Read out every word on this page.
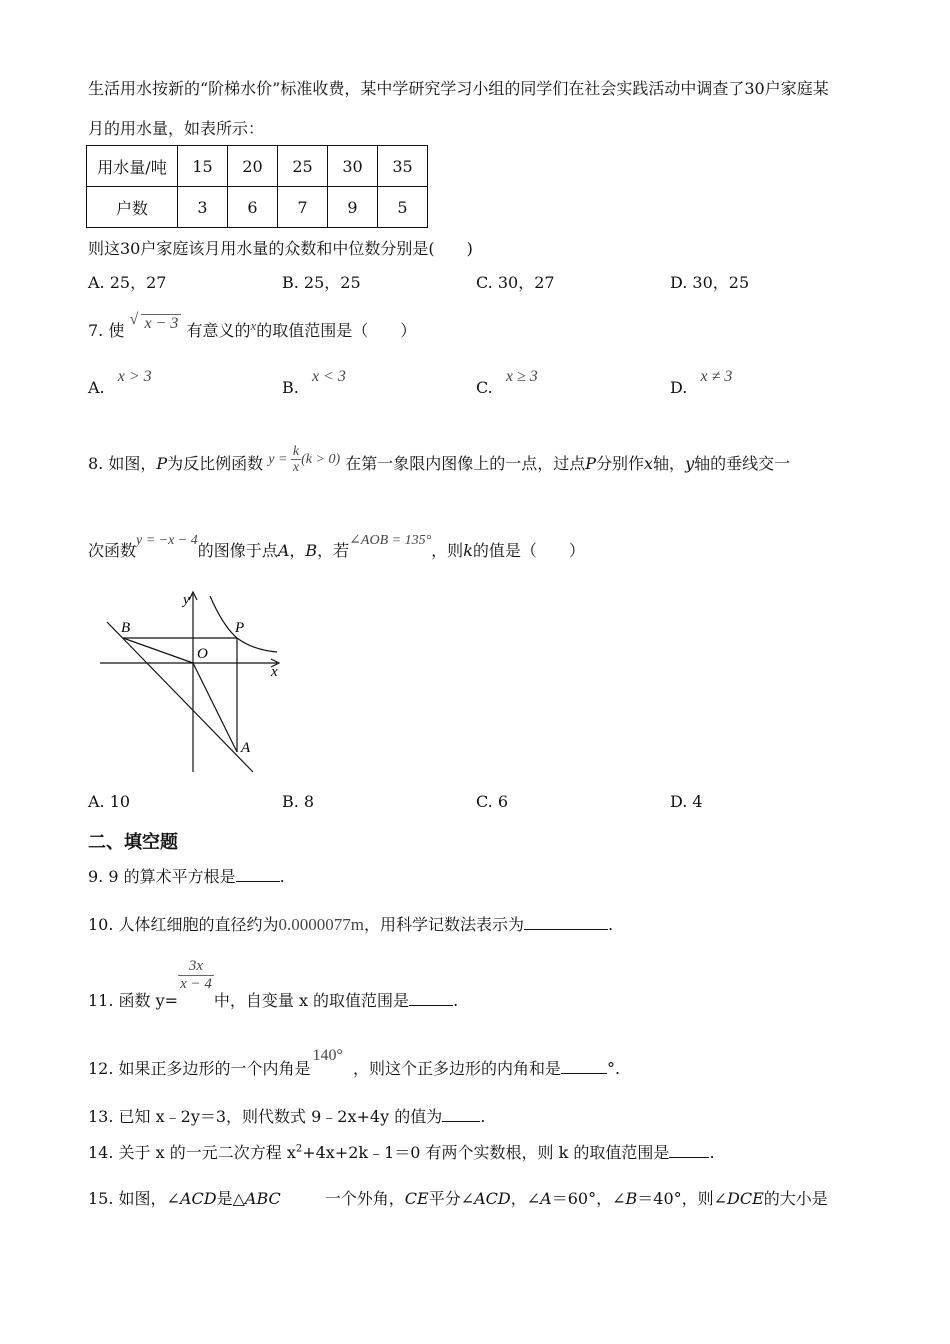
生活用水按新的“阶梯水价”标准收费，某中学研究学习小组的同学们在社会实践活动中调查了30户家庭某
月的用水量，如表所示：
用水量/吨	15	20	25	30	35
户数	3	6	7	9	5
则这30户家庭该月用水量的众数和中位数分别是(　　)
A. 25，27	B. 25，25	C. 30，27	D. 30，25
7. 使
√ x − 3 有意义的$^x$的取值范围是（　　）
A. x > 3
B. x < 3
C. x ≥ 3
D. x ≠ 3
8. 如图，P为反比例函数 $y = \frac{k}{x} (k > 0)$ 在第一象限内图像上的一点，过点P分别作x轴，y轴的垂线交一
次函数y = −x − 4的图像于点A，B，若∠AOB = 135°，则k的值是（　　）
y
x
B	P
O
A
A. 10	B. 8	C. 6	D. 4
二、填空题
9. 9 的算术平方根是	.
10. 人体红细胞的直径约为0.0000077m，用科学记数法表示为	.
11. 函数 y=
$\frac{3x}{x - 4}$
中，自变量 x 的取值范围是	.
12. 如果正多边形的一个内角是140°，则这个正多边形的内角和是	°.
13. 已知 x﹣2y＝3，则代数式 9﹣2x+4y 的值为 .
14. 关于 x 的一元二次方程 $x^2+4x+2k﹣1=0$ 有两个实数根，则 k 的取值范围是	.
15. 如图，∠ACD是△ABC	一个外角，CE平分∠ACD，∠A＝60°，∠B＝40°，则∠DCE的大小是
